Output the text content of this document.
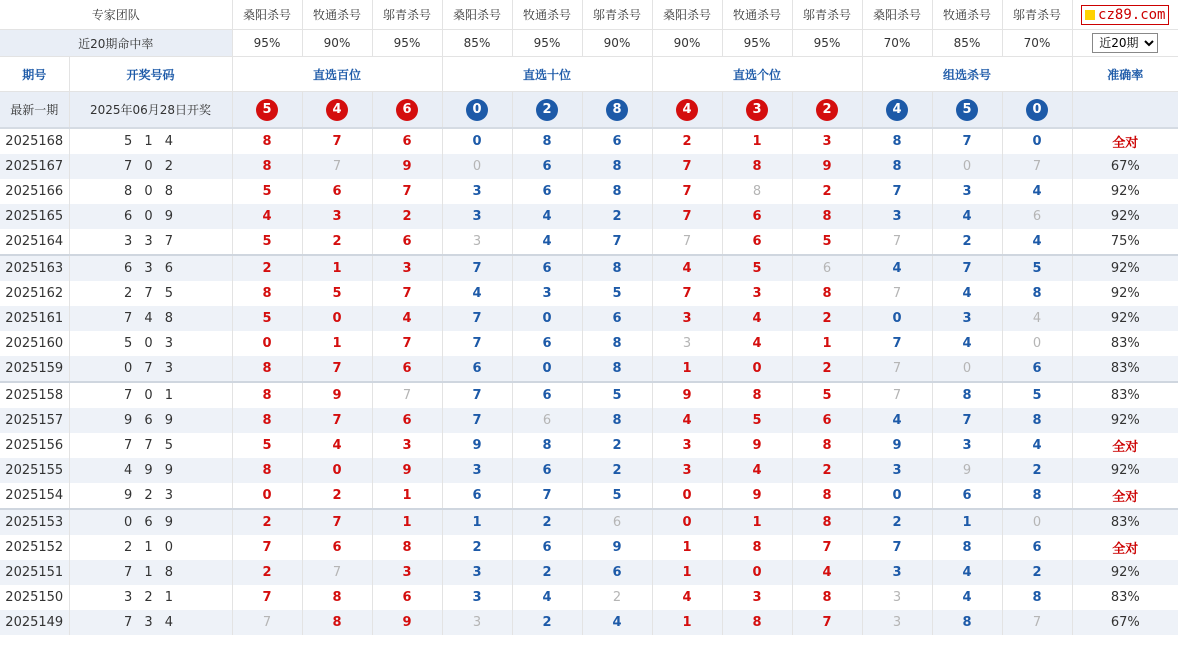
专家团队		桑阳杀号	牧通杀号	邬青杀号	桑阳杀号	牧通杀号	邬青杀号	桑阳杀号	牧通杀号	邬青杀号	桑阳杀号	牧通杀号	邬青杀号	cz89.com
近20期命中率		95%	90%	95%	85%	95%	90%	90%	95%	95%	70%	85%	70%	
近20期
期号	开奖号码	直选百位			直选十位			直选个位			组选杀号			准确率
最新一期	2025年06月28日开奖	5	4	6	0	2	8	4	3	2	4	5	0	
2025168	5 1 4	8	7	6	0	8	6	2	1	3	8	7	0	全对
2025167	7 0 2	8	7	9	0	6	8	7	8	9	8	0	7	67%
2025166	8 0 8	5	6	7	3	6	8	7	8	2	7	3	4	92%
2025165	6 0 9	4	3	2	3	4	2	7	6	8	3	4	6	92%
2025164	3 3 7	5	2	6	3	4	7	7	6	5	7	2	4	75%
2025163	6 3 6	2	1	3	7	6	8	4	5	6	4	7	5	92%
2025162	2 7 5	8	5	7	4	3	5	7	3	8	7	4	8	92%
2025161	7 4 8	5	0	4	7	0	6	3	4	2	0	3	4	92%
2025160	5 0 3	0	1	7	7	6	8	3	4	1	7	4	0	83%
2025159	0 7 3	8	7	6	6	0	8	1	0	2	7	0	6	83%
2025158	7 0 1	8	9	7	7	6	5	9	8	5	7	8	5	83%
2025157	9 6 9	8	7	6	7	6	8	4	5	6	4	7	8	92%
2025156	7 7 5	5	4	3	9	8	2	3	9	8	9	3	4	全对
2025155	4 9 9	8	0	9	3	6	2	3	4	2	3	9	2	92%
2025154	9 2 3	0	2	1	6	7	5	0	9	8	0	6	8	全对
2025153	0 6 9	2	7	1	1	2	6	0	1	8	2	1	0	83%
2025152	2 1 0	7	6	8	2	6	9	1	8	7	7	8	6	全对
2025151	7 1 8	2	7	3	3	2	6	1	0	4	3	4	2	92%
2025150	3 2 1	7	8	6	3	4	2	4	3	8	3	4	8	83%
2025149	7 3 4	7	8	9	3	2	4	1	8	7	3	8	7	67%
